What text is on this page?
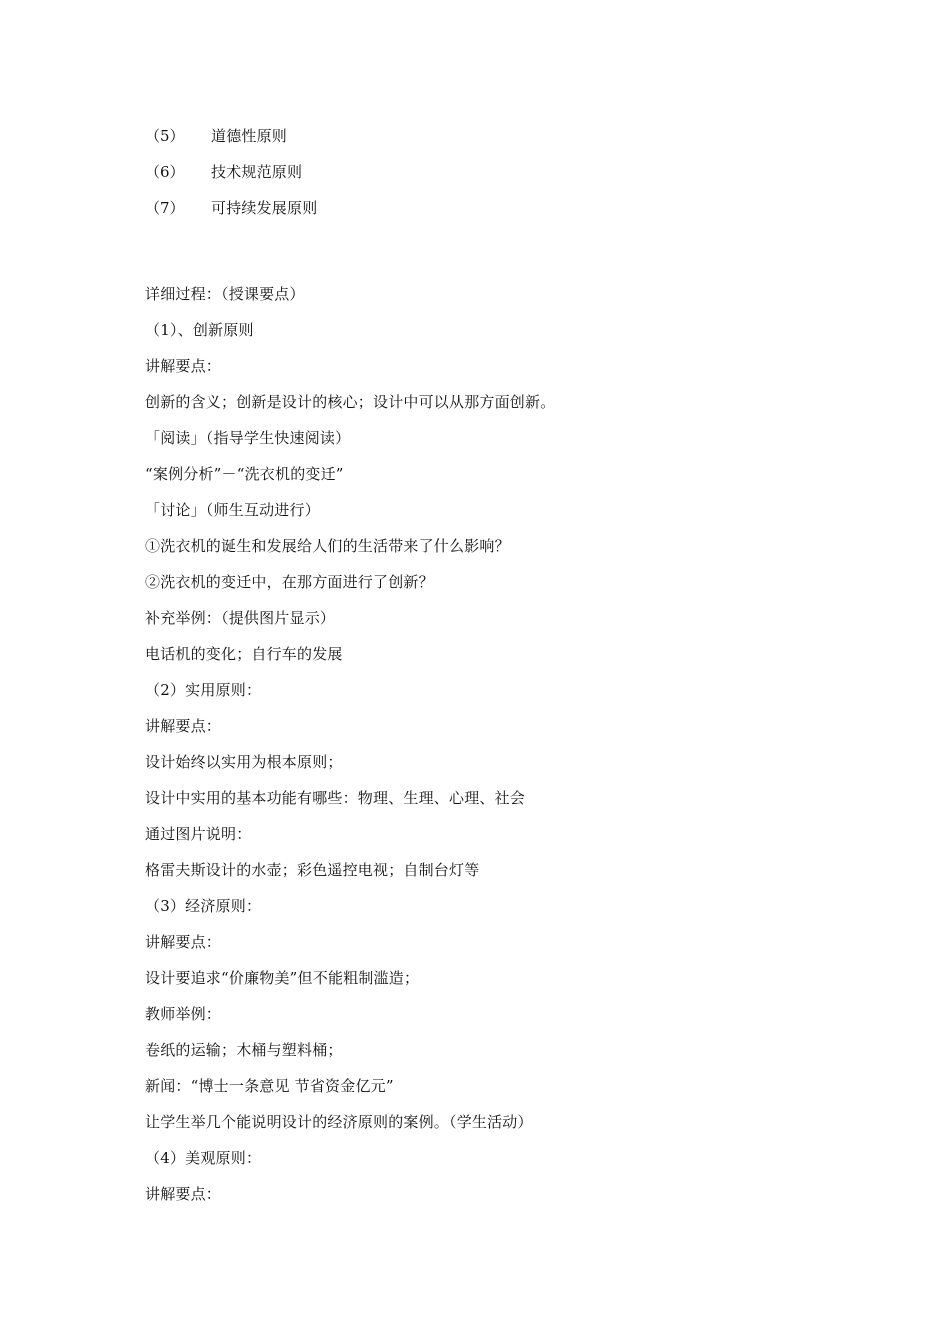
（5） 道德性原则
（6） 技术规范原则
（7） 可持续发展原则
详细过程：（授课要点）
（1）、创新原则
讲解要点：
创新的含义；创新是设计的核心；设计中可以从那方面创新。
「阅读」（指导学生快速阅读）
“案例分析”－“洗衣机的变迁”
「讨论」（师生互动进行）
①洗衣机的诞生和发展给人们的生活带来了什么影响？
②洗衣机的变迁中，在那方面进行了创新？
补充举例：（提供图片显示）
电话机的变化；自行车的发展
（2）实用原则：
讲解要点：
设计始终以实用为根本原则；
设计中实用的基本功能有哪些：物理、生理、心理、社会
通过图片说明：
格雷夫斯设计的水壶；彩色遥控电视；自制台灯等
（3）经济原则：
讲解要点：
设计要追求“价廉物美”但不能粗制滥造；
教师举例：
卷纸的运输；木桶与塑料桶；
新闻：“博士一条意见 节省资金亿元”
让学生举几个能说明设计的经济原则的案例。（学生活动）
（4）美观原则：
讲解要点：
